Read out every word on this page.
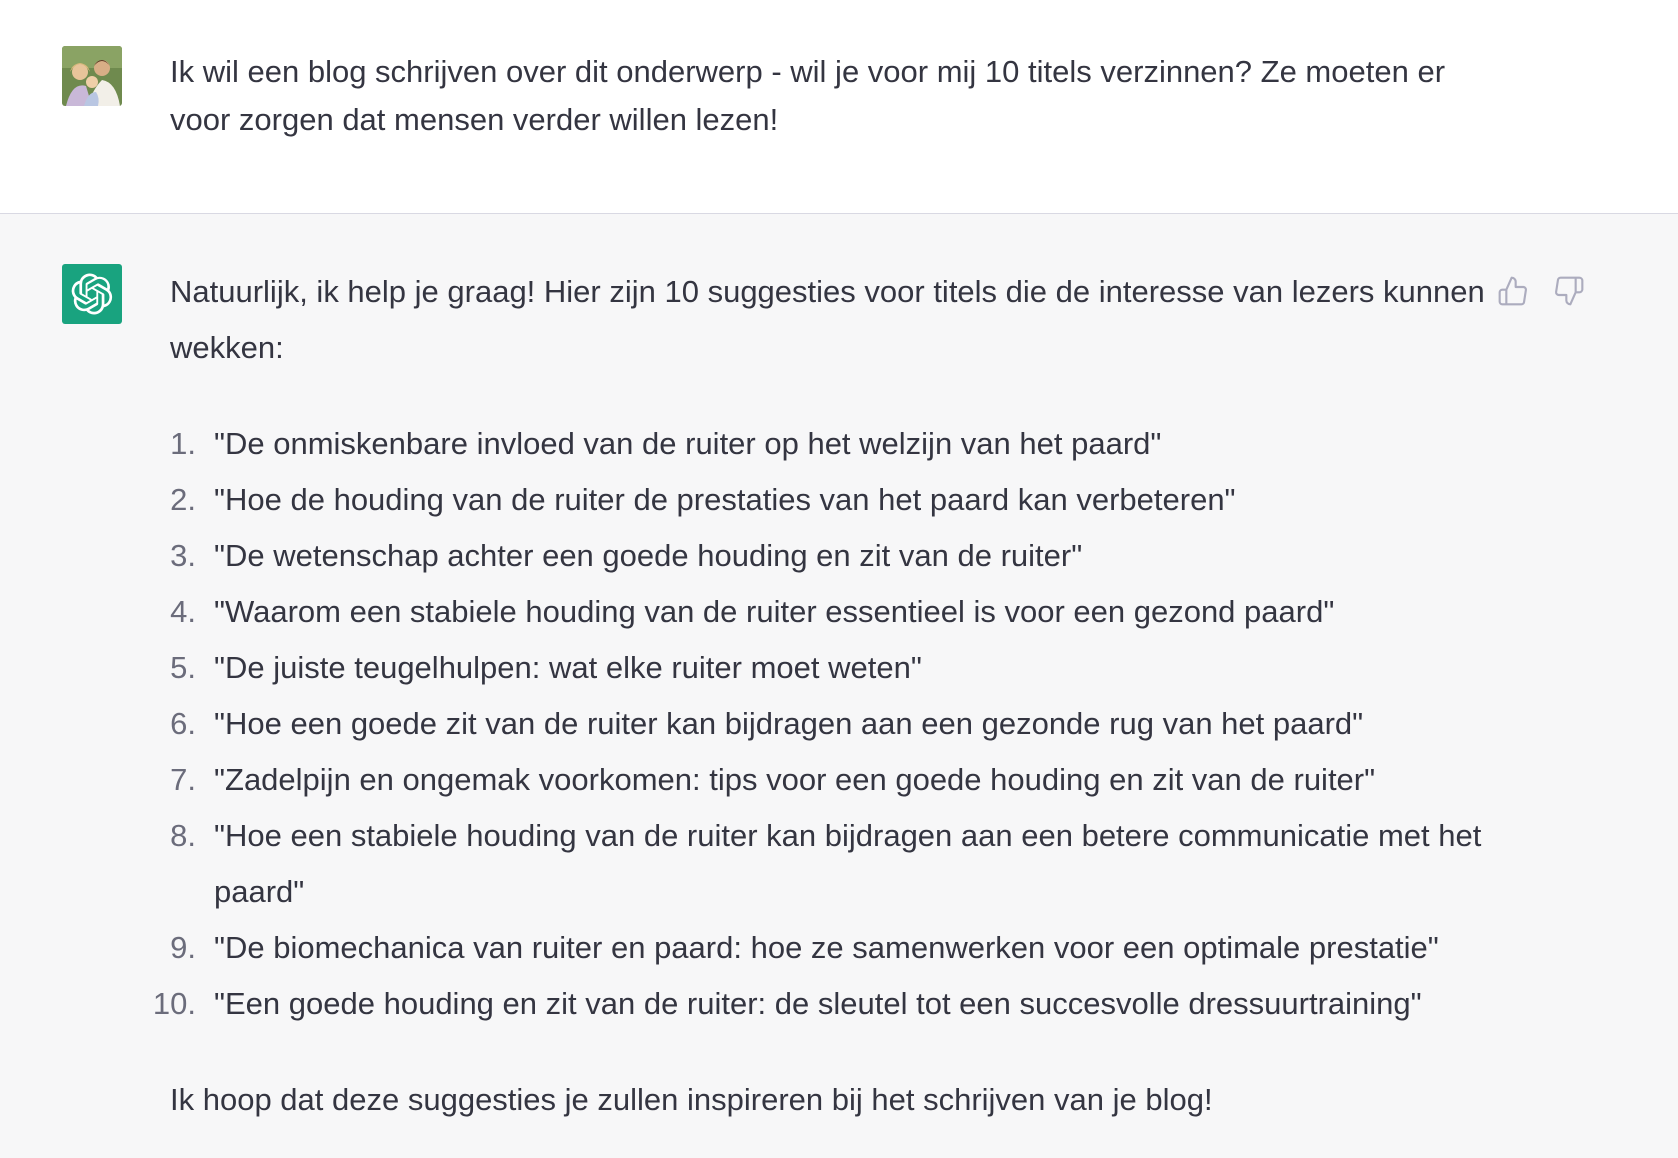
Ik wil een blog schrijven over dit onderwerp - wil je voor mij 10 titels verzinnen? Ze moeten er voor zorgen dat mensen verder willen lezen!

Natuurlijk, ik help je graag! Hier zijn 10 suggesties voor titels die de interesse van lezers kunnen wekken:

1. "De onmiskenbare invloed van de ruiter op het welzijn van het paard"
2. "Hoe de houding van de ruiter de prestaties van het paard kan verbeteren"
3. "De wetenschap achter een goede houding en zit van de ruiter"
4. "Waarom een stabiele houding van de ruiter essentieel is voor een gezond paard"
5. "De juiste teugelhulpen: wat elke ruiter moet weten"
6. "Hoe een goede zit van de ruiter kan bijdragen aan een gezonde rug van het paard"
7. "Zadelpijn en ongemak voorkomen: tips voor een goede houding en zit van de ruiter"
8. "Hoe een stabiele houding van de ruiter kan bijdragen aan een betere communicatie met het paard"
9. "De biomechanica van ruiter en paard: hoe ze samenwerken voor een optimale prestatie"
10. "Een goede houding en zit van de ruiter: de sleutel tot een succesvolle dressuurtraining"

Ik hoop dat deze suggesties je zullen inspireren bij het schrijven van je blog!
